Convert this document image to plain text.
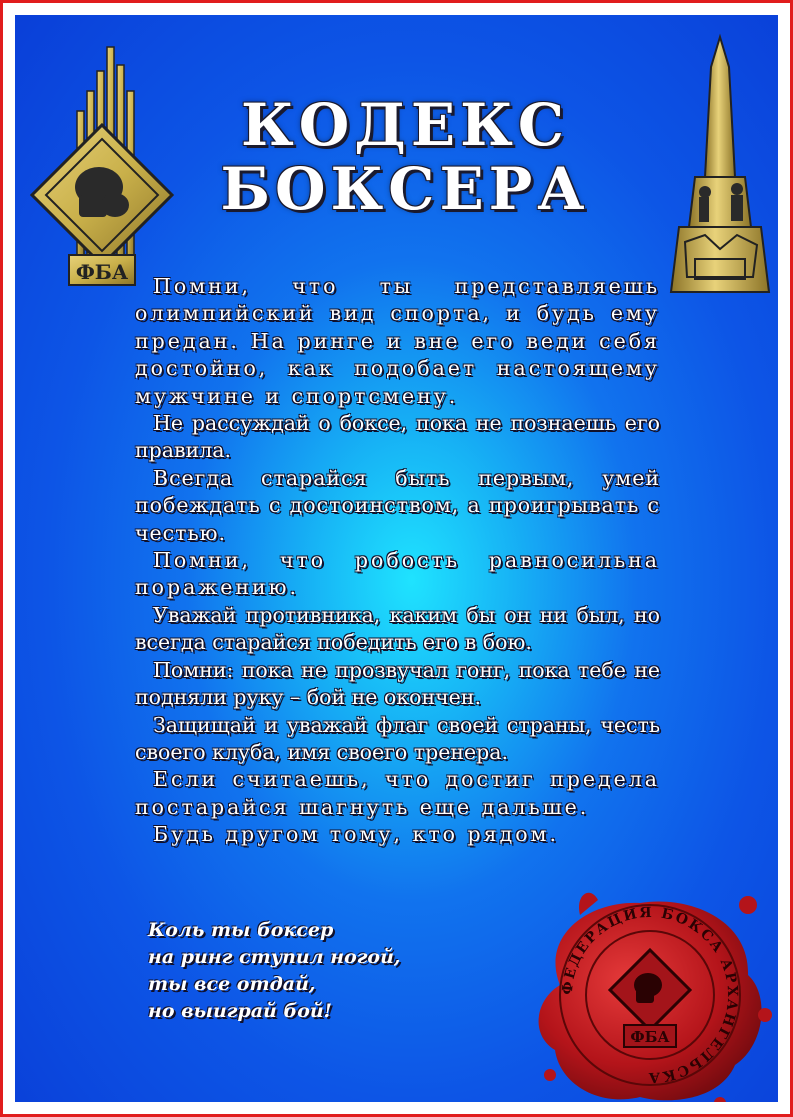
ФБА
КОДЕКС
БОКСЕРА

Помни, что ты представляешь олимпийский вид спорта, и будь ему предан. На ринге и вне его веди себя достойно, как подобает настоящему мужчине и спортсмену.

Не рассуждай о боксе, пока не познаешь его правила.

Всегда старайся быть первым, умей побеждать с достоинством, а проигрывать с честью.

Помни, что робость равносильна поражению.

Уважай противника, каким бы он ни был, но всегда старайся победить его в бою.

Помни: пока не прозвучал гонг, пока тебе не подняли руку – бой не окончен.

Защищай и уважай флаг своей страны, честь своего клуба, имя своего тренера.

Если считаешь, что достиг предела постарайся шагнуть еще дальше.

Будь другом тому, кто рядом.

Коль ты боксер
на ринг ступил ногой,
ты все отдай,
но выиграй бой!
ФЕДЕРАЦИЯ БОКСА АРХАНГЕЛЬСКА
ФБА
